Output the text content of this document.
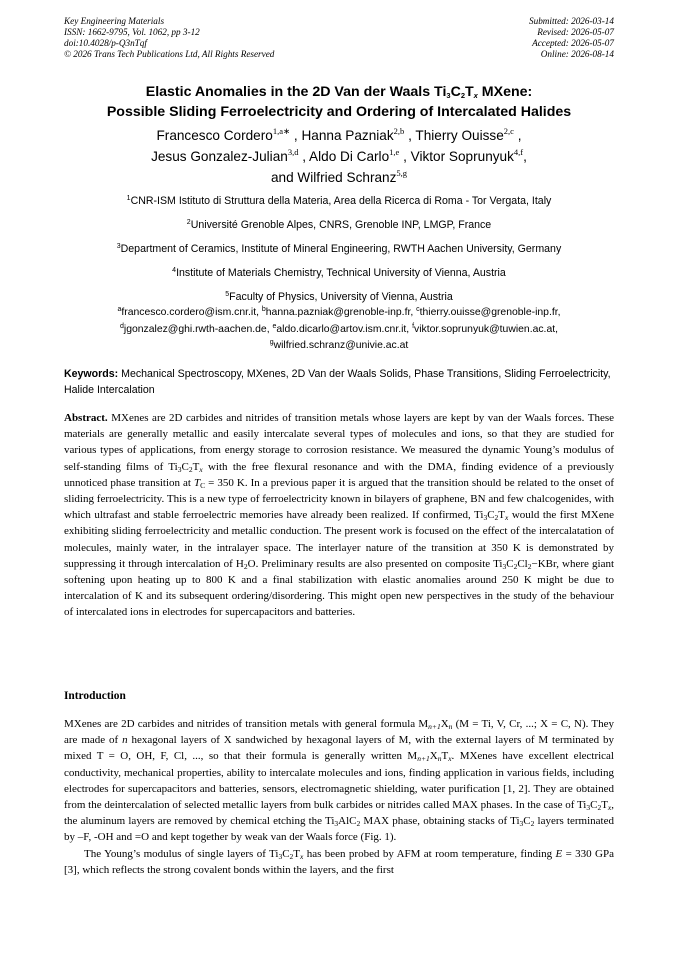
Key Engineering Materials
ISSN: 1662-9795, Vol. 1062, pp 3-12
doi:10.4028/p-Q3nTqf
© 2026 Trans Tech Publications Ltd, All Rights Reserved
Submitted: 2026-03-14
Revised: 2026-05-07
Accepted: 2026-05-07
Online: 2026-08-14
Elastic Anomalies in the 2D Van der Waals $Ti_3C_2T_x$ MXene:
Possible Sliding Ferroelectricity and Ordering of Intercalated Halides
Francesco Cordero$^{1,a∗}$ , Hanna Pazniak$^{2,b}$ , Thierry Ouisse$^{2,c}$ ,
Jesus Gonzalez-Julian$^{3,d}$ , Aldo Di Carlo$^{1,e}$ , Viktor Soprunyuk$^{4,f}$,
and Wilfried Schranz$^{5,g}$
$^1$CNR-ISM Istituto di Struttura della Materia, Area della Ricerca di Roma - Tor Vergata, Italy
$^2$Université Grenoble Alpes, CNRS, Grenoble INP, LMGP, France
$^3$Department of Ceramics, Institute of Mineral Engineering, RWTH Aachen University, Germany
$^4$Institute of Materials Chemistry, Technical University of Vienna, Austria
$^5$Faculty of Physics, University of Vienna, Austria
$^a$francesco.cordero@ism.cnr.it, $^b$hanna.pazniak@grenoble-inp.fr, $^c$thierry.ouisse@grenoble-inp.fr,
$^d$jgonzalez@ghi.rwth-aachen.de, $^e$aldo.dicarlo@artov.ism.cnr.it, $^f$viktor.soprunyuk@tuwien.ac.at,
$^g$wilfried.schranz@univie.ac.at
Keywords: Mechanical Spectroscopy, MXenes, 2D Van der Waals Solids, Phase Transitions, Sliding Ferroelectricity, Halide Intercalation
Abstract. MXenes are 2D carbides and nitrides of transition metals whose layers are kept by van der Waals forces. These materials are generally metallic and easily intercalate several types of molecules and ions, so that they are studied for various types of applications, from energy storage to corrosion resistance. We measured the dynamic Young’s modulus of self-standing films of $Ti_3C_2T_x$ with the free flexural resonance and with the DMA, finding evidence of a previously unnoticed phase transition at $T_C = 350$ K. In a previous paper it is argued that the transition should be related to the onset of sliding ferroelectricity. This is a new type of ferroelectricity known in bilayers of graphene, BN and few chalcogenides, with which ultrafast and stable ferroelectric memories have already been realized. If confirmed, $Ti_3C_2T_x$ would the first MXene exhibiting sliding ferroelectricity and metallic conduction. The present work is focused on the effect of the intercalatation of molecules, mainly water, in the intralayer space. The interlayer nature of the transition at 350 K is demonstrated by suppressing it through intercalation of $H_2O$. Preliminary results are also presented on composite $Ti_3C_2Cl_2-KBr$, where giant softening upon heating up to 800 K and a final stabilization with elastic anomalies around 250 K might be due to intercalation of K and its subsequent ordering/disordering. This might open new perspectives in the study of the behaviour of intercalated ions in electrodes for supercapacitors and batteries.
Introduction

MXenes are 2D carbides and nitrides of transition metals with general formula $M_{n+1}X_n$ (M = Ti, V, Cr, ...; X = C, N). They are made of n hexagonal layers of X sandwiched by hexagonal layers of M, with the external layers of M terminated by mixed T = O, OH, F, Cl, ..., so that their formula is generally written $M_{n+1}X_nT_x$. MXenes have excellent electrical conductivity, mechanical properties, ability to intercalate molecules and ions, finding application in various fields, including electrodes for supercapacitors and batteries, sensors, electromagnetic shielding, water purification [1, 2]. They are obtained from the deintercalation of selected metallic layers from bulk carbides or nitrides called MAX phases. In the case of $Ti_3C_2T_x$, the aluminum layers are removed by chemical etching the $Ti_3AlC_2$ MAX phase, obtaining stacks of $Ti_3C_2$ layers terminated by –F, -OH and =O and kept together by weak van der Waals force (Fig. 1).

The Young’s modulus of single layers of $Ti_3C_2T_x$ has been probed by AFM at room temperature, finding E = 330 GPa [3], which reflects the strong covalent bonds within the layers, and the first
